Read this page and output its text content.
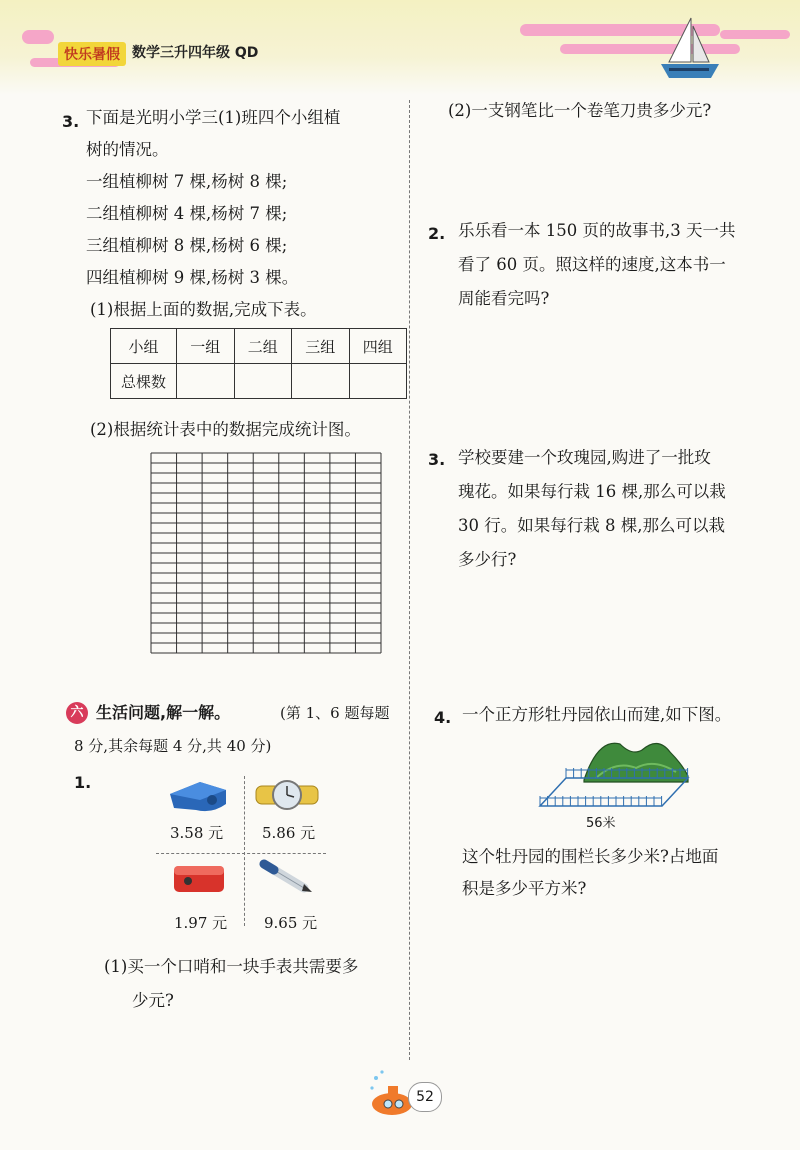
快乐暑假 数学三升四年级 QD
3. 下面是光明小学三(1)班四个小组植
树的情况。
一组植柳树 7 棵,杨树 8 棵;
二组植柳树 4 棵,杨树 7 棵;
三组植柳树 8 棵,杨树 6 棵;
四组植柳树 9 棵,杨树 3 棵。
(1)根据上面的数据,完成下表。
小组	一组	二组	三组	四组
总棵数				
(2)根据统计表中的数据完成统计图。
六 生活问题,解一解。	(第 1、6 题每题
8 分,其余每题 4 分,共 40 分)
1.
3.58 元	5.86 元
1.97 元 9.65 元
(1)买一个口哨和一块手表共需要多
少元?
(2)一支钢笔比一个卷笔刀贵多少元?
2. 乐乐看一本 150 页的故事书,3 天一共
看了 60 页。照这样的速度,这本书一
周能看完吗?
3. 学校要建一个玫瑰园,购进了一批玫
瑰花。如果每行栽 16 棵,那么可以栽
30 行。如果每行栽 8 棵,那么可以栽
多少行?
4. 一个正方形牡丹园依山而建,如下图。
56米
这个牡丹园的围栏长多少米?占地面
积是多少平方米?
52
